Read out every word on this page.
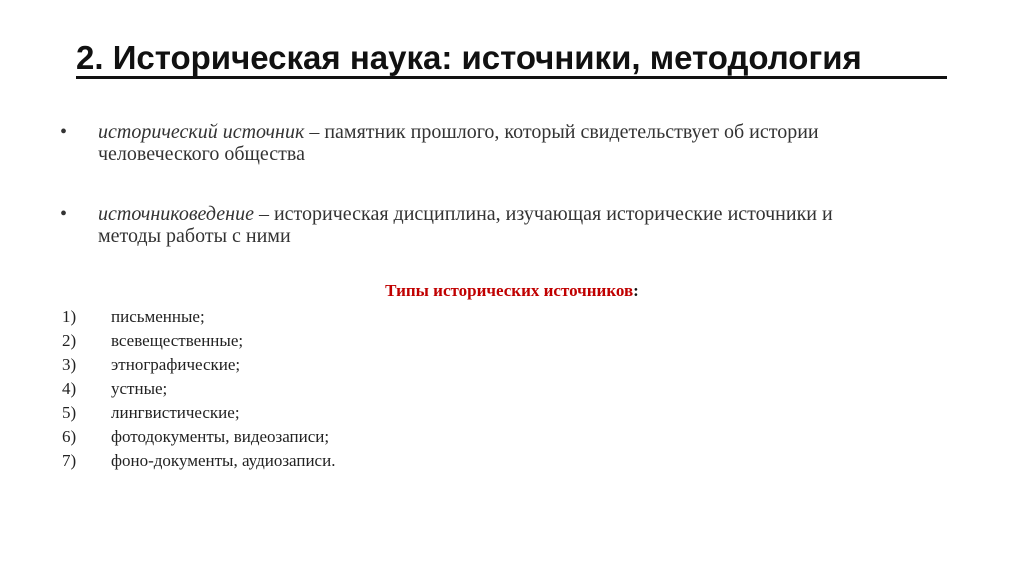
2. Историческая наука: источники, методология
•	исторический источник – памятник прошлого, который свидетельствует об истории человеческого общества
•	источниковедение – историческая дисциплина, изучающая исторические источники и методы работы с ними
Типы исторических источников:
1) письменные;
2) всевещественные;
3) этнографические;
4) устные;
5) лингвистические;
6) фотодокументы, видеозаписи;
7) фоно-документы, аудиозаписи.
